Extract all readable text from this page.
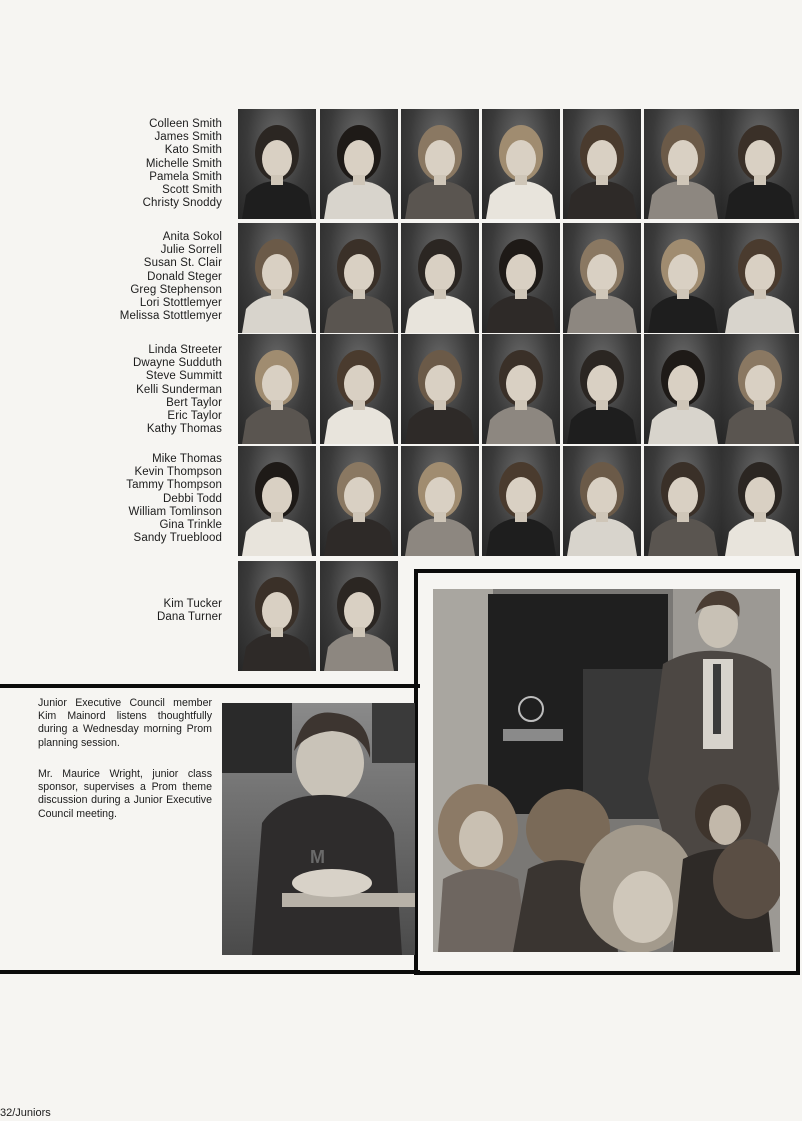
Colleen Smith
James Smith
Kato Smith
Michelle Smith
Pamela Smith
Scott Smith
Christy Snoddy
Anita Sokol
Julie Sorrell
Susan St. Clair
Donald Steger
Greg Stephenson
Lori Stottlemyer
Melissa Stottlemyer
Linda Streeter
Dwayne Sudduth
Steve Summitt
Kelli Sunderman
Bert Taylor
Eric Taylor
Kathy Thomas
Mike Thomas
Kevin Thompson
Tammy Thompson
Debbi Todd
William Tomlinson
Gina Trinkle
Sandy Trueblood
Kim Tucker
Dana Turner
Junior Executive Council member Kim Mainord listens thoughtfully during a Wednesday morning Prom planning session.
Mr. Maurice Wright, junior class sponsor, supervises a Prom theme discussion during a Junior Executive Council meeting.
M
32/Juniors
